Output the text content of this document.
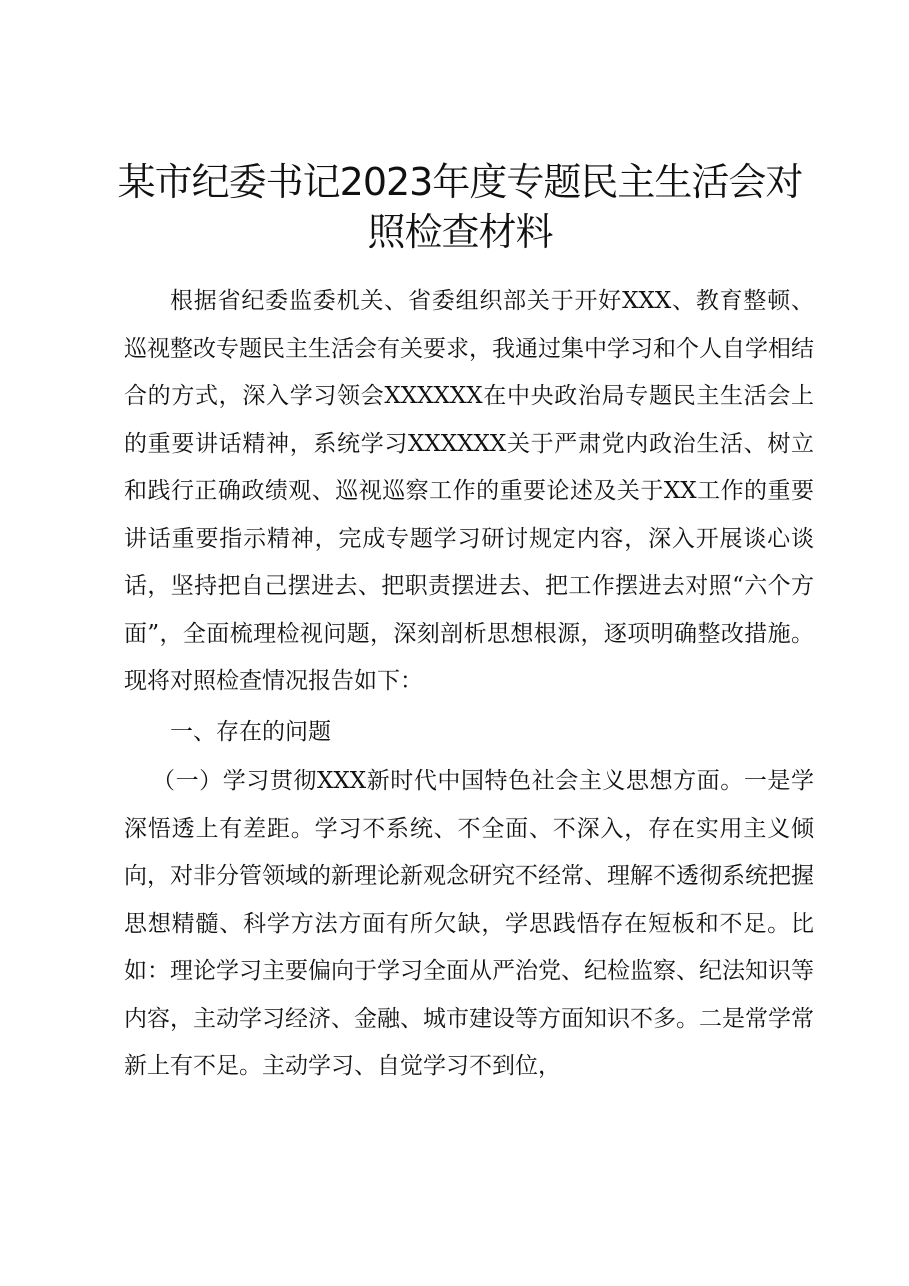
某市纪委书记2023年度专题民主生活会对照检查材料

根据省纪委监委机关、省委组织部关于开好XXX、教育整顿、巡视整改专题民主生活会有关要求，我通过集中学习和个人自学相结合的方式，深入学习领会XXXXXX在中央政治局专题民主生活会上的重要讲话精神，系统学习XXXXXX关于严肃党内政治生活、树立和践行正确政绩观、巡视巡察工作的重要论述及关于XX工作的重要讲话重要指示精神，完成专题学习研讨规定内容，深入开展谈心谈话，坚持把自己摆进去、把职责摆进去、把工作摆进去对照“六个方面”，全面梳理检视问题，深刻剖析思想根源，逐项明确整改措施。现将对照检查情况报告如下：

一、存在的问题

（一）学习贯彻XXX新时代中国特色社会主义思想方面。一是学深悟透上有差距。学习不系统、不全面、不深入，存在实用主义倾向，对非分管领域的新理论新观念研究不经常、理解不透彻系统把握思想精髓、科学方法方面有所欠缺，学思践悟存在短板和不足。比如：理论学习主要偏向于学习全面从严治党、纪检监察、纪法知识等内容，主动学习经济、金融、城市建设等方面知识不多。二是常学常新上有不足。主动学习、自觉学习不到位，
